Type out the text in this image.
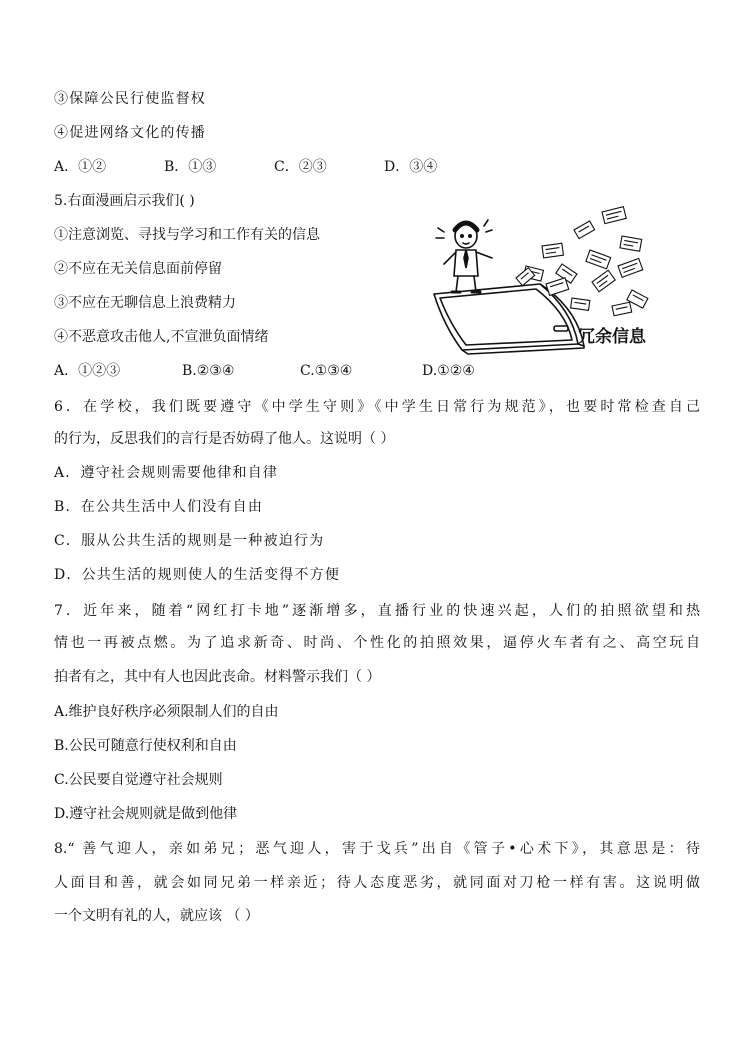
③保障公民行使监督权
④促进网络文化的传播
A．①②	B．①③	C．②③	D．③④
5.右面漫画启示我们( )
①注意浏览、寻找与学习和工作有关的信息
②不应在无关信息面前停留
③不应在无聊信息上浪费精力
④不恶意攻击他人,不宣泄负面情绪
A．①②③	B.②③④	C.①③④	D.①②④
冗余信息
6．在学校，我们既要遵守《中学生守则》《中学生日常行为规范》，也要时常检查自己
的行为，反思我们的言行是否妨碍了他人。这说明（ ）
A．遵守社会规则需要他律和自律
B．在公共生活中人们没有自由
C．服从公共生活的规则是一种被迫行为
D．公共生活的规则使人的生活变得不方便
7．近年来，随着“网红打卡地”逐渐增多，直播行业的快速兴起，人们的拍照欲望和热
情也一再被点燃。为了追求新奇、时尚、个性化的拍照效果，逼停火车者有之、高空玩自
拍者有之，其中有人也因此丧命。材料警示我们（ ）
A.维护良好秩序必须限制人们的自由
B.公民可随意行使权利和自由
C.公民要自觉遵守社会规则
D.遵守社会规则就是做到他律
8.“ 善气迎人，亲如弟兄；恶气迎人，害于戈兵”出自《管子•心术下》，其意思是：待
人面目和善，就会如同兄弟一样亲近；待人态度恶劣，就同面对刀枪一样有害。这说明做
一个文明有礼的人，就应该 （ ）
